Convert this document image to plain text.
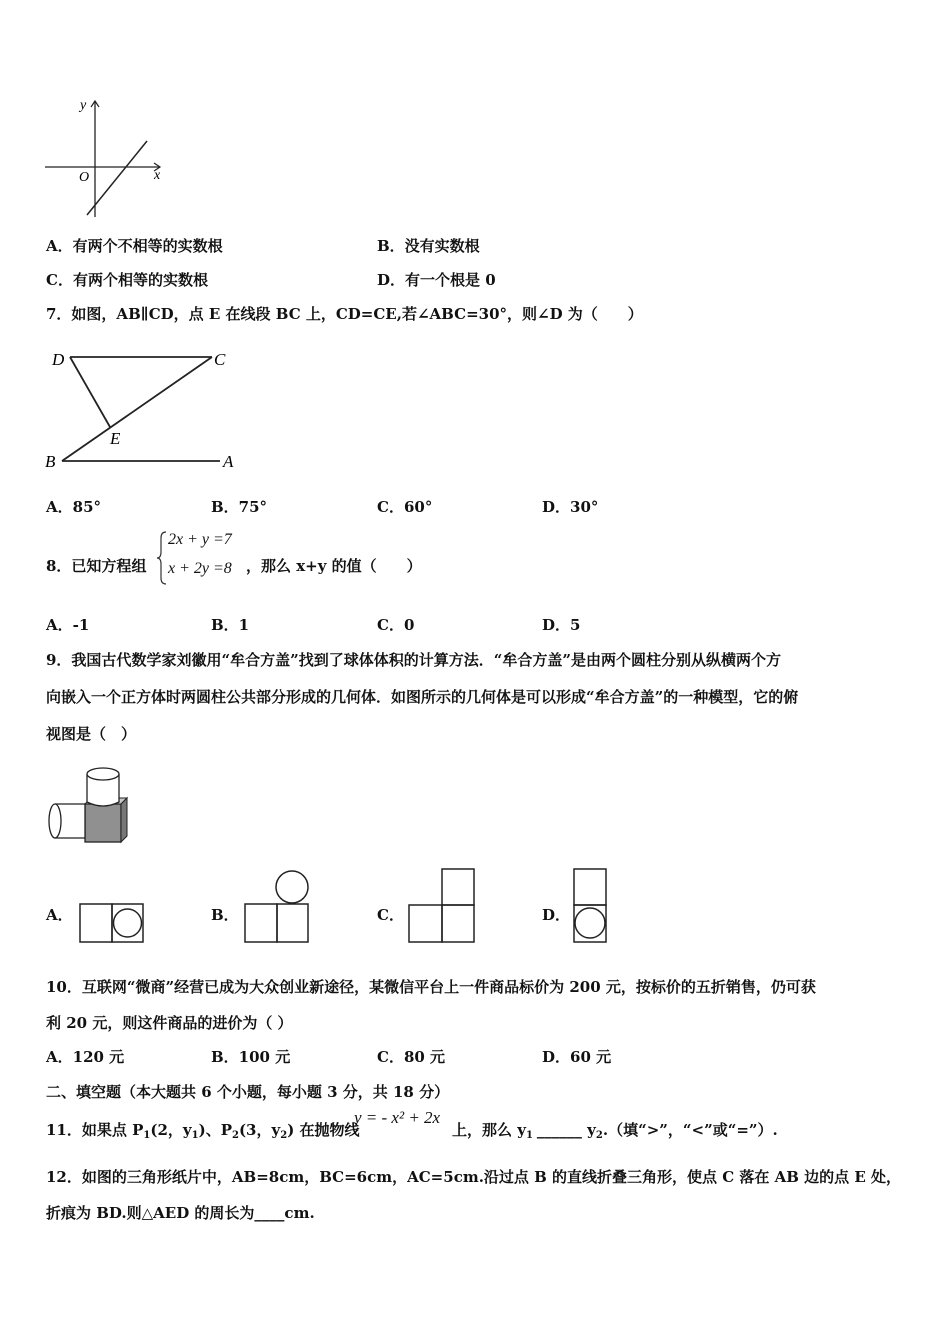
y
x
O
A．有两个不相等的实数根	B．没有实数根
C．有两个相等的实数根	D．有一个根是 0
7．如图，AB∥CD，点 E 在线段 BC 上，CD=CE,若∠ABC=30°，则∠D 为（　　）
D	C
E
B	A
A．85°	B．75°	C．60°	D．30°
8．已知方程组
2x + y =7
x + 2y =8 ，那么 x+y 的值（　　）
A．-1	B．1	C．0	D．5
9．我国古代数学家刘徽用“牟合方盖”找到了球体体积的计算方法．“牟合方盖”是由两个圆柱分别从纵横两个方
向嵌入一个正方体时两圆柱公共部分形成的几何体．如图所示的几何体是可以形成“牟合方盖”的一种模型，它的俯
视图是（　）
A．	B．	C．	D．
10．互联网“微商”经营已成为大众创业新途径，某微信平台上一件商品标价为 200 元，按标价的五折销售，仍可获
利 20 元，则这件商品的进价为（ ）
A．120 元	B．100 元	C．80 元	D．60 元
二、填空题（本大题共 6 个小题，每小题 3 分，共 18 分）
11．如果点 $P_1(2$，$y_1$)、$P_2(3$，$y_2$) 在抛物线
y = - x² + 2x
上，那么 $y_1$ ______ $y_2$.（填“>”，“<”或“=”）.
12．如图的三角形纸片中，AB=8cm，BC=6cm，AC=5cm.沿过点 B 的直线折叠三角形，使点 C 落在 AB 边的点 E 处，
折痕为 BD.则△AED 的周长为____cm.
